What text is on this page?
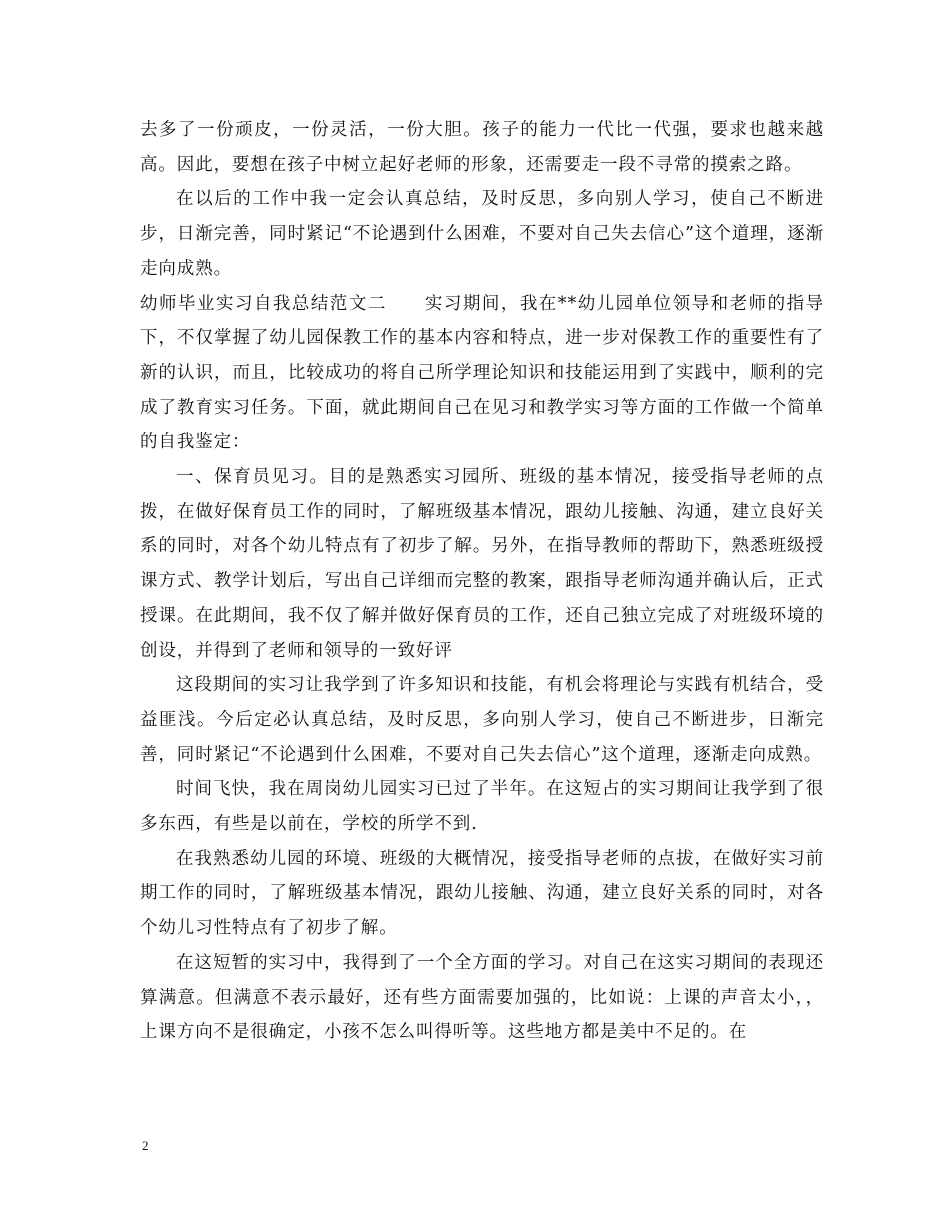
去多了一份顽皮，一份灵活，一份大胆。孩子的能力一代比一代强，要求也越来越高。因此，要想在孩子中树立起好老师的形象，还需要走一段不寻常的摸索之路。

在以后的工作中我一定会认真总结，及时反思，多向别人学习，使自己不断进步，日渐完善，同时紧记“不论遇到什么困难，不要对自己失去信心”这个道理，逐渐走向成熟。

幼师毕业实习自我总结范文二　　实习期间，我在**幼儿园单位领导和老师的指导下，不仅掌握了幼儿园保教工作的基本内容和特点，进一步对保教工作的重要性有了新的认识，而且，比较成功的将自己所学理论知识和技能运用到了实践中，顺利的完成了教育实习任务。下面，就此期间自己在见习和教学实习等方面的工作做一个简单的自我鉴定：

一、保育员见习。目的是熟悉实习园所、班级的基本情况，接受指导老师的点拨，在做好保育员工作的同时，了解班级基本情况，跟幼儿接触、沟通，建立良好关系的同时，对各个幼儿特点有了初步了解。另外，在指导教师的帮助下，熟悉班级授课方式、教学计划后，写出自己详细而完整的教案，跟指导老师沟通并确认后，正式授课。在此期间，我不仅了解并做好保育员的工作，还自己独立完成了对班级环境的创设，并得到了老师和领导的一致好评

这段期间的实习让我学到了许多知识和技能，有机会将理论与实践有机结合，受益匪浅。今后定必认真总结，及时反思，多向别人学习，使自己不断进步，日渐完善，同时紧记“不论遇到什么困难，不要对自己失去信心”这个道理，逐渐走向成熟。

时间飞快，我在周岗幼儿园实习已过了半年。在这短占的实习期间让我学到了很多东西，有些是以前在，学校的所学不到.

在我熟悉幼儿园的环境、班级的大概情况，接受指导老师的点拔，在做好实习前期工作的同时，了解班级基本情况，跟幼儿接触、沟通，建立良好关系的同时，对各个幼儿习性特点有了初步了解。

在这短暂的实习中，我得到了一个全方面的学习。对自己在这实习期间的表现还算满意。但满意不表示最好，还有些方面需要加强的，比如说：上课的声音太小，，上课方向不是很确定，小孩不怎么叫得听等。这些地方都是美中不足的。在

2
